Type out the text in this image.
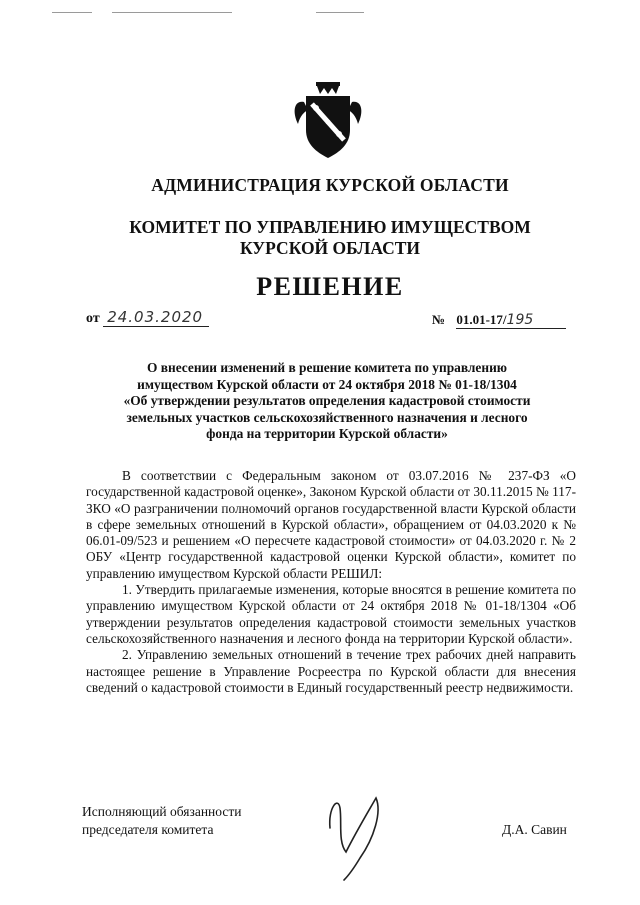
АДМИНИСТРАЦИЯ КУРСКОЙ ОБЛАСТИ
КОМИТЕТ ПО УПРАВЛЕНИЮ ИМУЩЕСТВОМ
КУРСКОЙ ОБЛАСТИ
РЕШЕНИЕ
от 24.03.2020	№ 01.01-17/195
О внесении изменений в решение комитета по управлению
имуществом Курской области от 24 октября 2018 № 01-18/1304
«Об утверждении результатов определения кадастровой стоимости
земельных участков сельскохозяйственного назначения и лесного
фонда на территории Курской области»

В соответствии с Федеральным законом от 03.07.2016 № 237-ФЗ «О государственной кадастровой оценке», Законом Курской области от 30.11.2015 № 117-ЗКО «О разграничении полномочий органов государственной власти Курской области в сфере земельных отношений в Курской области», обращением от 04.03.2020 к № 06.01-09/523 и решением «О пересчете кадастровой стоимости» от 04.03.2020 г. № 2 ОБУ «Центр государственной кадастровой оценки Курской области», комитет по управлению имуществом Курской области РЕШИЛ:

1. Утвердить прилагаемые изменения, которые вносятся в решение комитета по управлению имуществом Курской области от 24 октября 2018 № 01-18/1304 «Об утверждении результатов определения кадастровой стоимости земельных участков сельскохозяйственного назначения и лесного фонда на территории Курской области».

2. Управлению земельных отношений в течение трех рабочих дней направить настоящее решение в Управление Росреестра по Курской области для внесения сведений о кадастровой стоимости в Единый государственный реестр недвижимости.

Исполняющий обязанности
председателя комитета	Д.А. Савин
